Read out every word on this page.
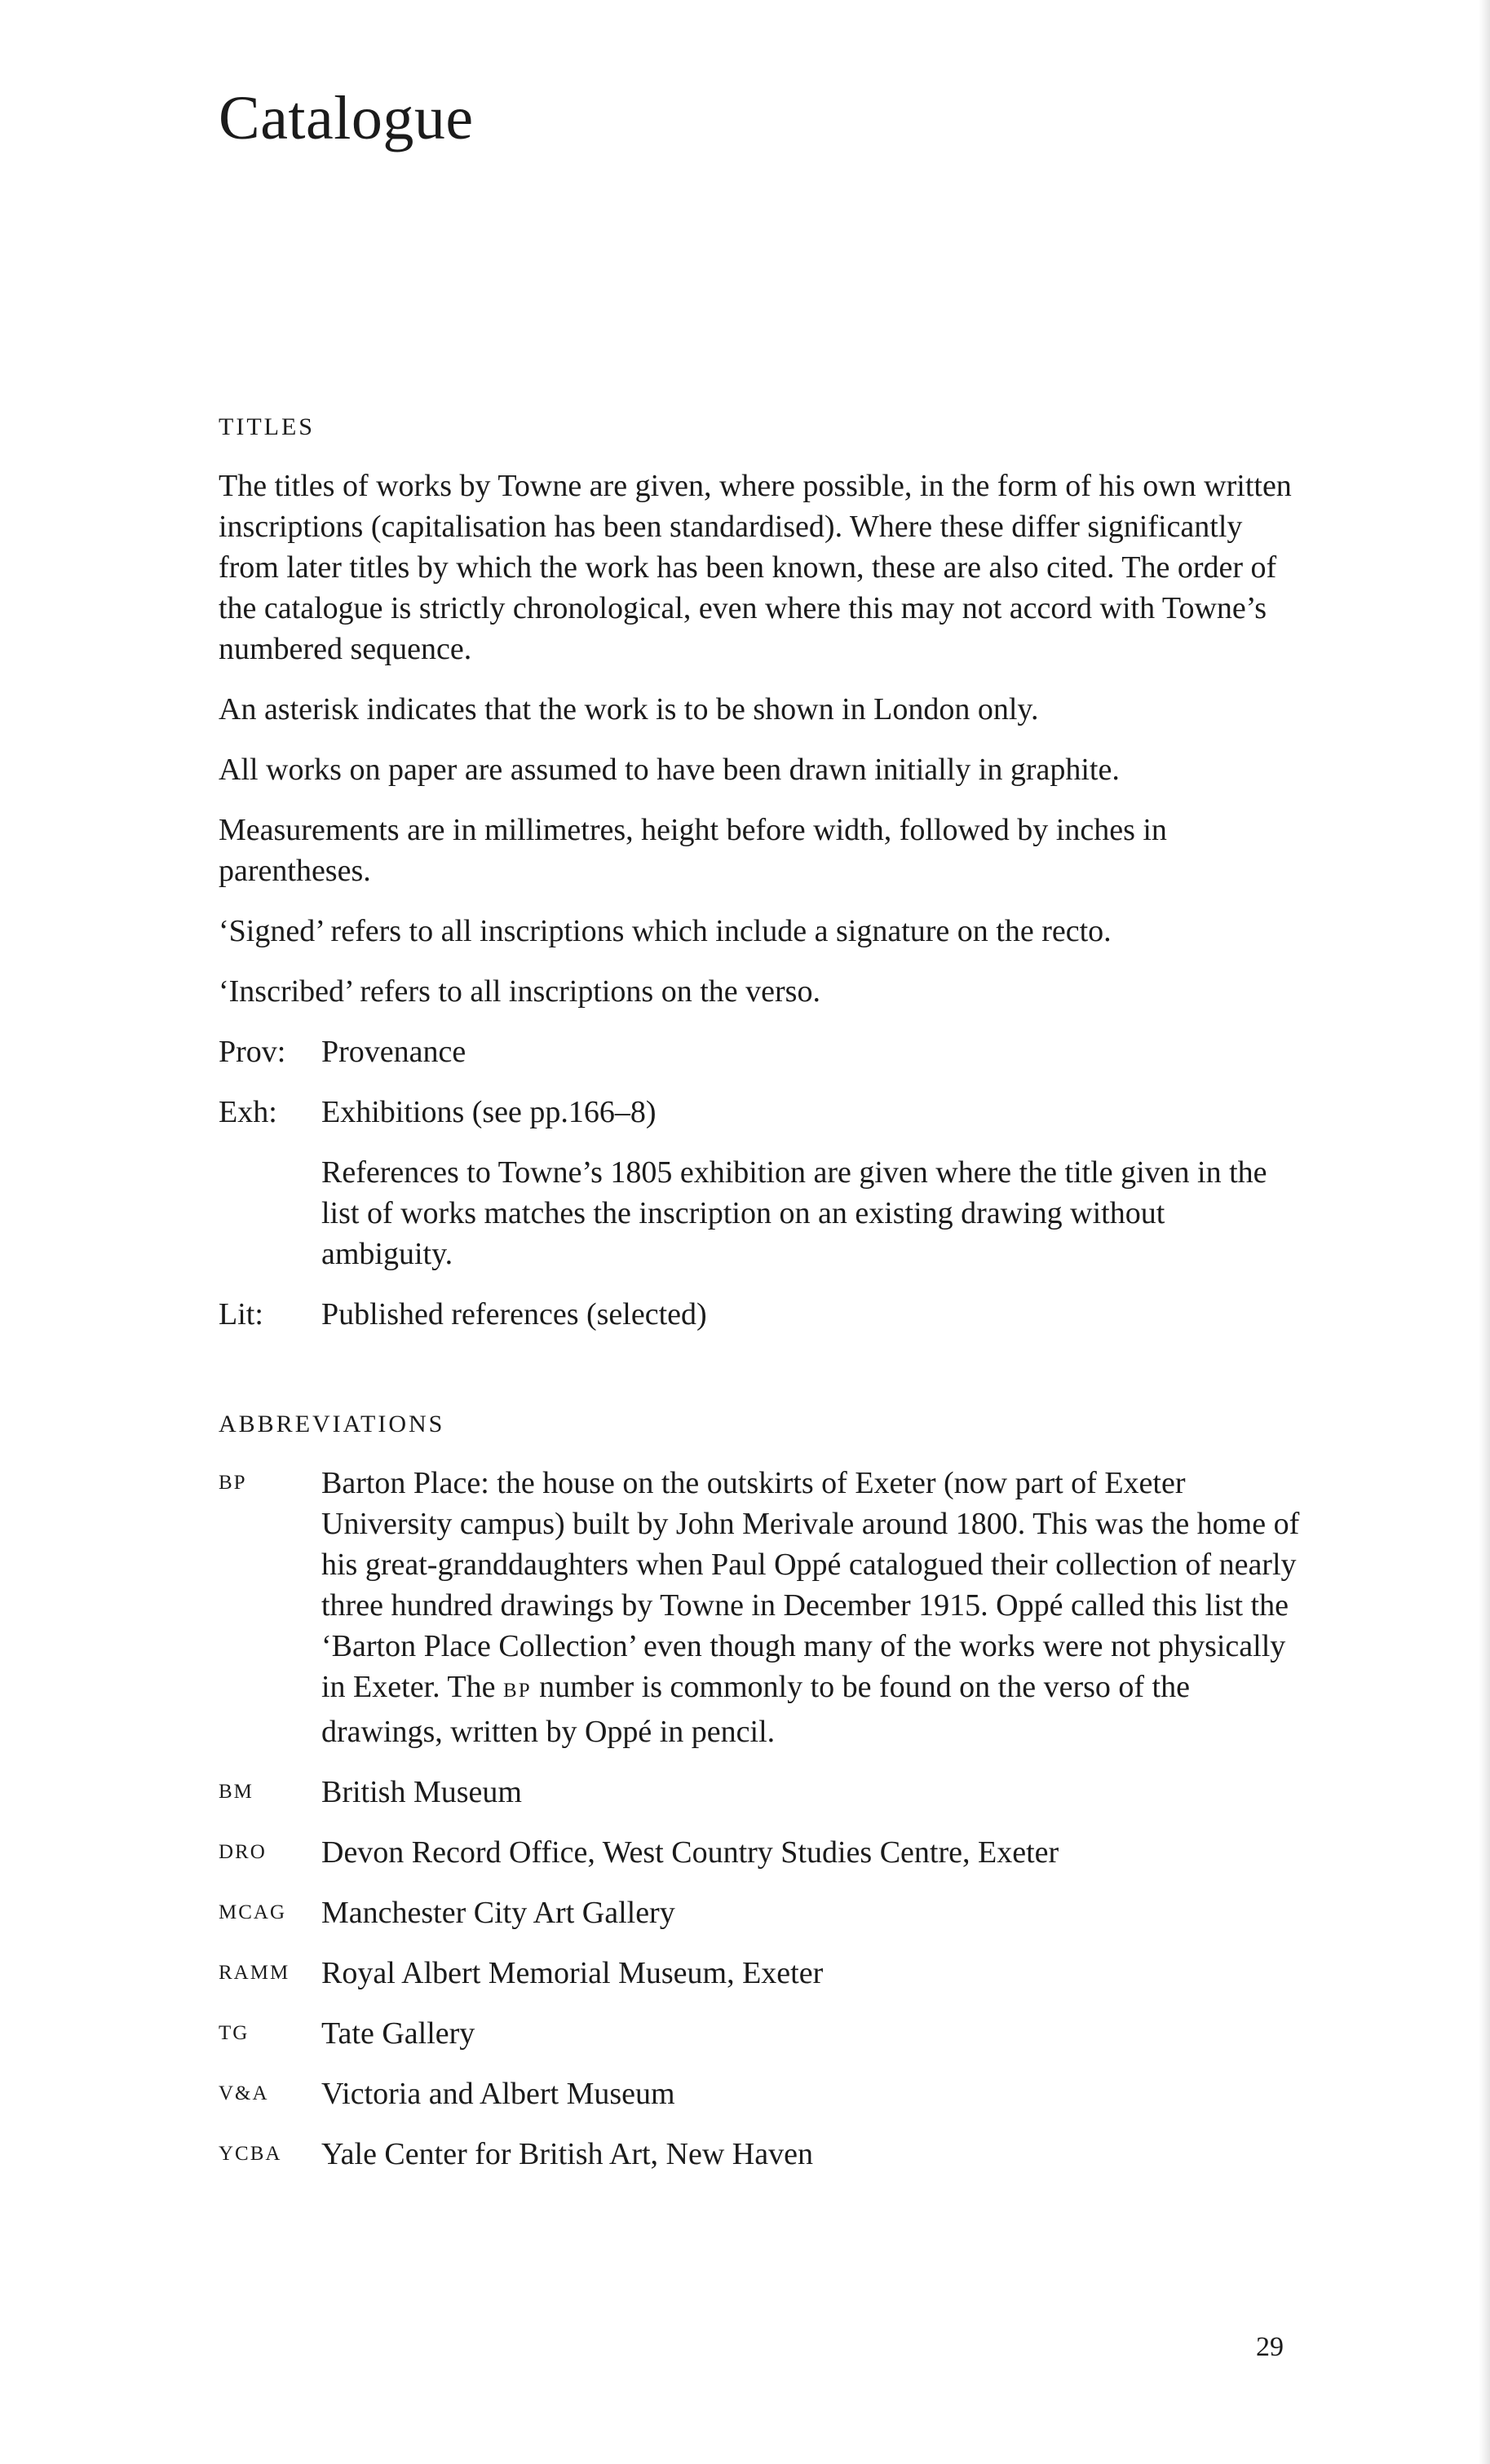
Catalogue
TITLES

The titles of works by Towne are given, where possible, in the form of his own written inscriptions (capitalisation has been standardised). Where these differ significantly from later titles by which the work has been known, these are also cited. The order of the catalogue is strictly chronological, even where this may not accord with Towne’s numbered sequence.

An asterisk indicates that the work is to be shown in London only.

All works on paper are assumed to have been drawn initially in graphite.

Measurements are in millimetres, height before width, followed by inches in parentheses.

‘Signed’ refers to all inscriptions which include a signature on the recto.

‘Inscribed’ refers to all inscriptions on the verso.

Prov:	Provenance
Exh:	Exhibitions (see pp.166–8)

References to Towne’s 1805 exhibition are given where the title given in the list of works matches the inscription on an existing drawing without ambiguity.

Lit:	Published references (selected)
ABBREVIATIONS
BP	Barton Place: the house on the outskirts of Exeter (now part of Exeter University campus) built by John Merivale around 1800. This was the home of his great-granddaughters when Paul Oppé catalogued their collection of nearly three hundred drawings by Towne in December 1915. Oppé called this list the ‘Barton Place Collection’ even though many of the works were not physically in Exeter. The BP number is commonly to be found on the verso of the drawings, written by Oppé in pencil.
BM	British Museum
DRO	Devon Record Office, West Country Studies Centre, Exeter
MCAG	Manchester City Art Gallery
RAMM	Royal Albert Memorial Museum, Exeter
TG	Tate Gallery
V&A	Victoria and Albert Museum
YCBA	Yale Center for British Art, New Haven
29
